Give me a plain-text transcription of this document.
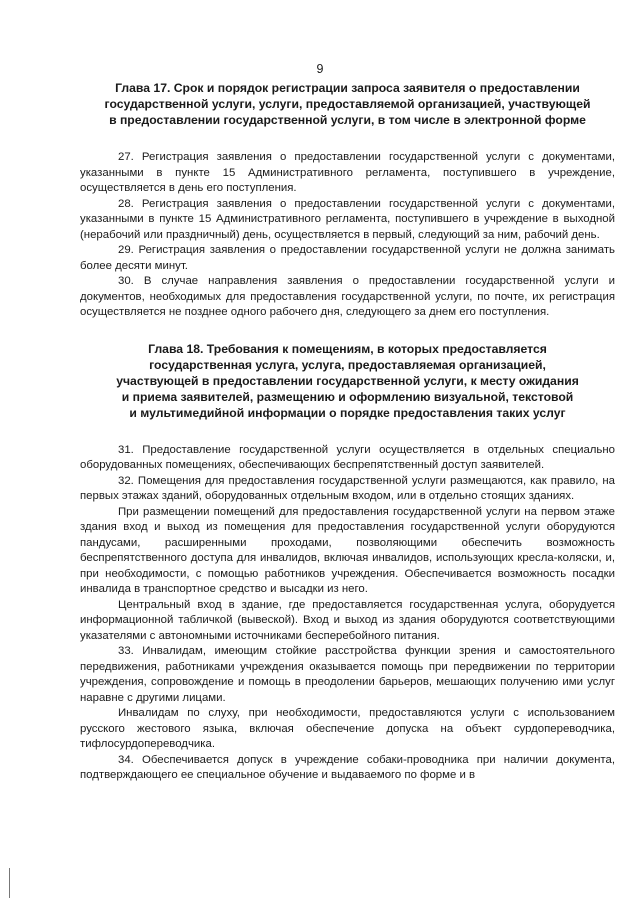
9
Глава 17. Срок и порядок регистрации запроса заявителя о предоставлении
государственной услуги, услуги, предоставляемой организацией, участвующей
в предоставлении государственной услуги, в том числе в электронной форме

27. Регистрация заявления о предоставлении государственной услуги с документами, указанными в пункте 15 Административного регламента, поступившего в учреждение, осуществляется в день его поступления.

28. Регистрация заявления о предоставлении государственной услуги с документами, указанными в пункте 15 Административного регламента, поступившего в учреждение в выходной (нерабочий или праздничный) день, осуществляется в первый, следующий за ним, рабочий день.

29. Регистрация заявления о предоставлении государственной услуги не должна занимать более десяти минут.

30. В случае направления заявления о предоставлении государственной услуги и документов, необходимых для предоставления государственной услуги, по почте, их регистрация осуществляется не позднее одного рабочего дня, следующего за днем его поступления.

Глава 18. Требования к помещениям, в которых предоставляется
государственная услуга, услуга, предоставляемая организацией,
участвующей в предоставлении государственной услуги, к месту ожидания
и приема заявителей, размещению и оформлению визуальной, текстовой
и мультимедийной информации о порядке предоставления таких услуг

31. Предоставление государственной услуги осуществляется в отдельных специально оборудованных помещениях, обеспечивающих беспрепятственный доступ заявителей.

32. Помещения для предоставления государственной услуги размещаются, как правило, на первых этажах зданий, оборудованных отдельным входом, или в отдельно стоящих зданиях.

При размещении помещений для предоставления государственной услуги на первом этаже здания вход и выход из помещения для предоставления государственной услуги оборудуются пандусами, расширенными проходами, позволяющими обеспечить возможность беспрепятственного доступа для инвалидов, включая инвалидов, использующих кресла-коляски, и, при необходимости, с помощью работников учреждения. Обеспечивается возможность посадки инвалида в транспортное средство и высадки из него.

Центральный вход в здание, где предоставляется государственная услуга, оборудуется информационной табличкой (вывеской). Вход и выход из здания оборудуются соответствующими указателями с автономными источниками бесперебойного питания.

33. Инвалидам, имеющим стойкие расстройства функции зрения и самостоятельного передвижения, работниками учреждения оказывается помощь при передвижении по территории учреждения, сопровождение и помощь в преодолении барьеров, мешающих получению ими услуг наравне с другими лицами.

Инвалидам по слуху, при необходимости, предоставляются услуги с использованием русского жестового языка, включая обеспечение допуска на объект сурдопереводчика, тифлосурдопереводчика.

34. Обеспечивается допуск в учреждение собаки-проводника при наличии документа, подтверждающего ее специальное обучение и выдаваемого по форме и в
